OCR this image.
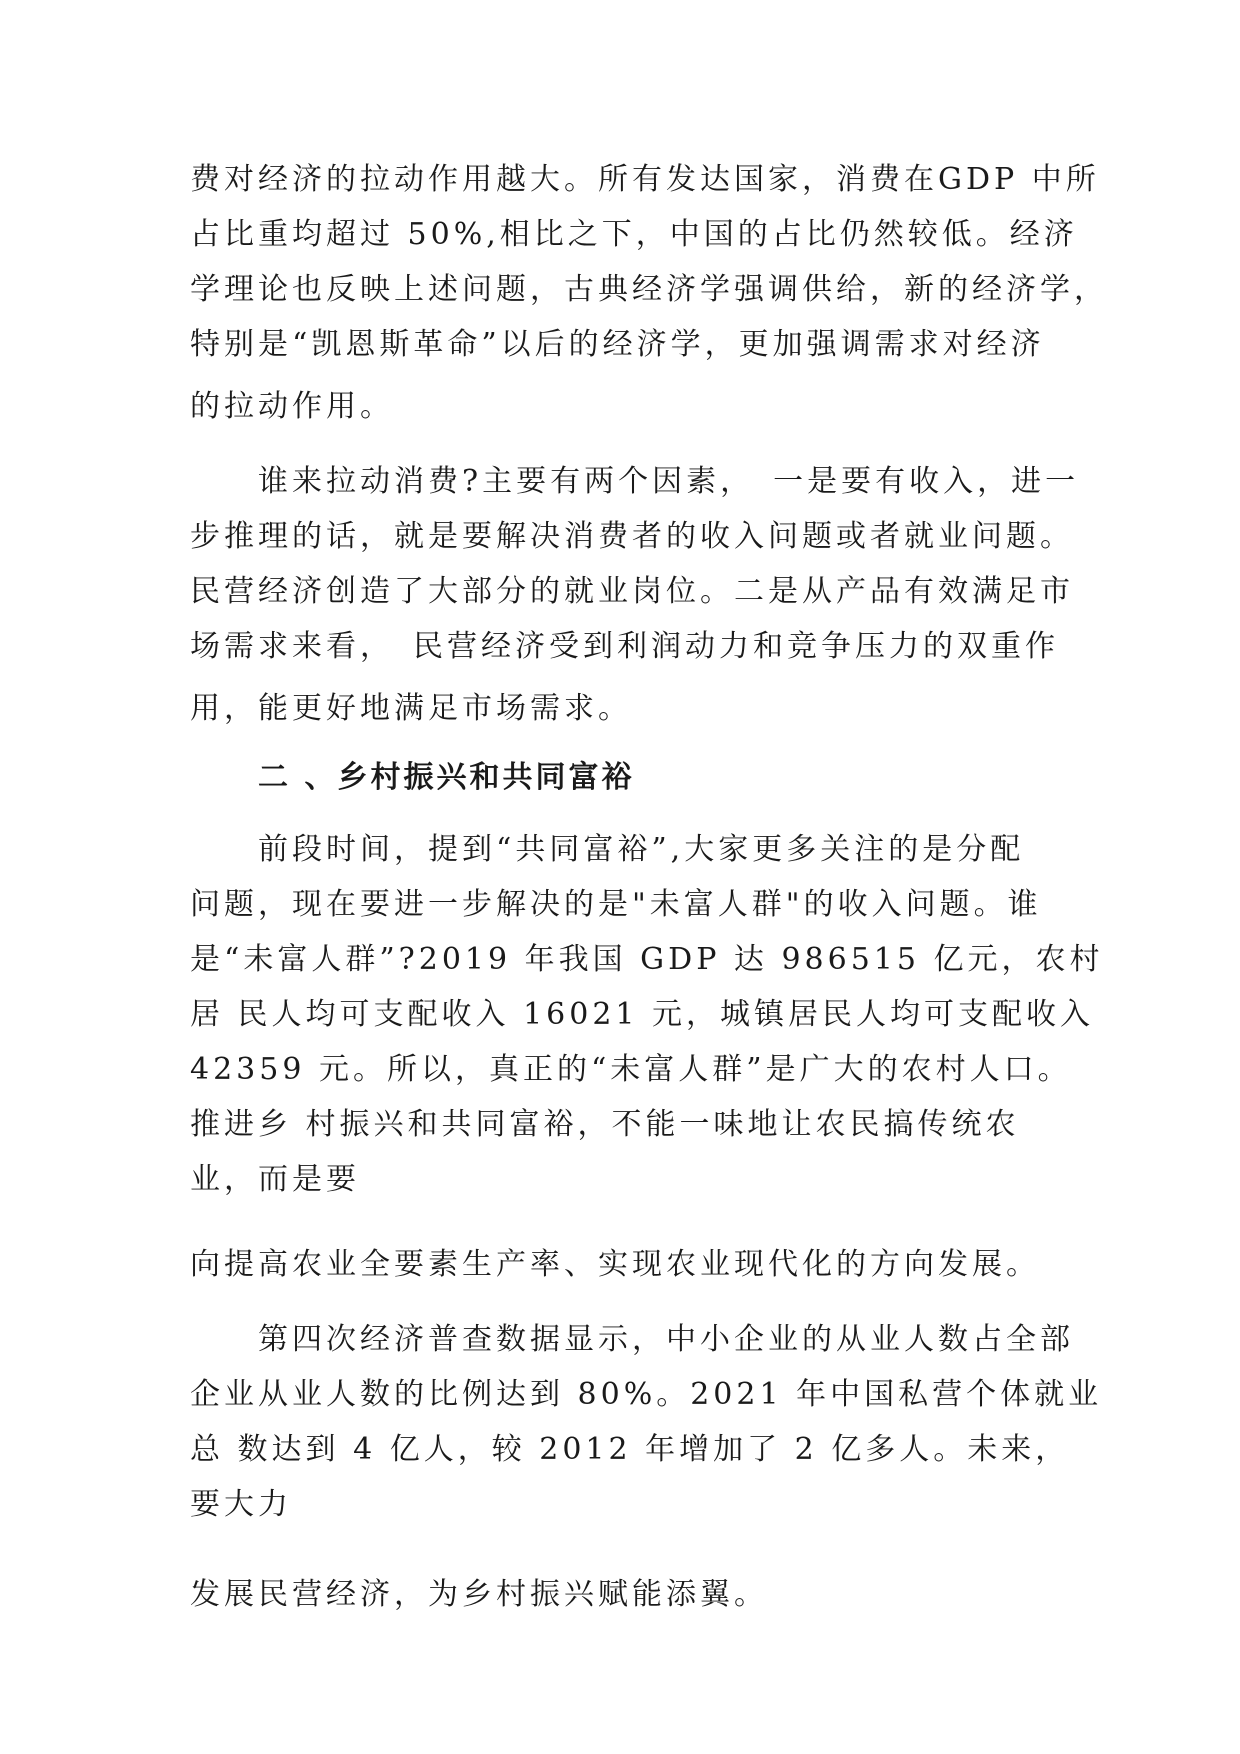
费对经济的拉动作用越大。所有发达国家，消费在GDP 中所

占比重均超过 50%,相比之下，中国的占比仍然较低。经济

学理论也反映上述问题，古典经济学强调供给，新的经济学，

特别是“凯恩斯革命”以后的经济学，更加强调需求对经济

的拉动作用。

谁来拉动消费?主要有两个因素，　一是要有收入，进一

步推理的话，就是要解决消费者的收入问题或者就业问题。

民营经济创造了大部分的就业岗位。二是从产品有效满足市

场需求来看，　民营经济受到利润动力和竞争压力的双重作

用，能更好地满足市场需求。

二 、乡村振兴和共同富裕

前段时间，提到“共同富裕”,大家更多关注的是分配

问题，现在要进一步解决的是"未富人群"的收入问题。谁

是“未富人群”?2019 年我国 GDP 达 986515 亿元，农村

居 民人均可支配收入 16021 元，城镇居民人均可支配收入

42359 元。所以，真正的“未富人群”是广大的农村人口。

推进乡 村振兴和共同富裕，不能一味地让农民搞传统农

业，而是要

向提高农业全要素生产率、实现农业现代化的方向发展。

第四次经济普查数据显示，中小企业的从业人数占全部

企业从业人数的比例达到 80%。2021 年中国私营个体就业

总 数达到 4 亿人，较 2012 年增加了 2 亿多人。未来，

要大力

发展民营经济，为乡村振兴赋能添翼。
